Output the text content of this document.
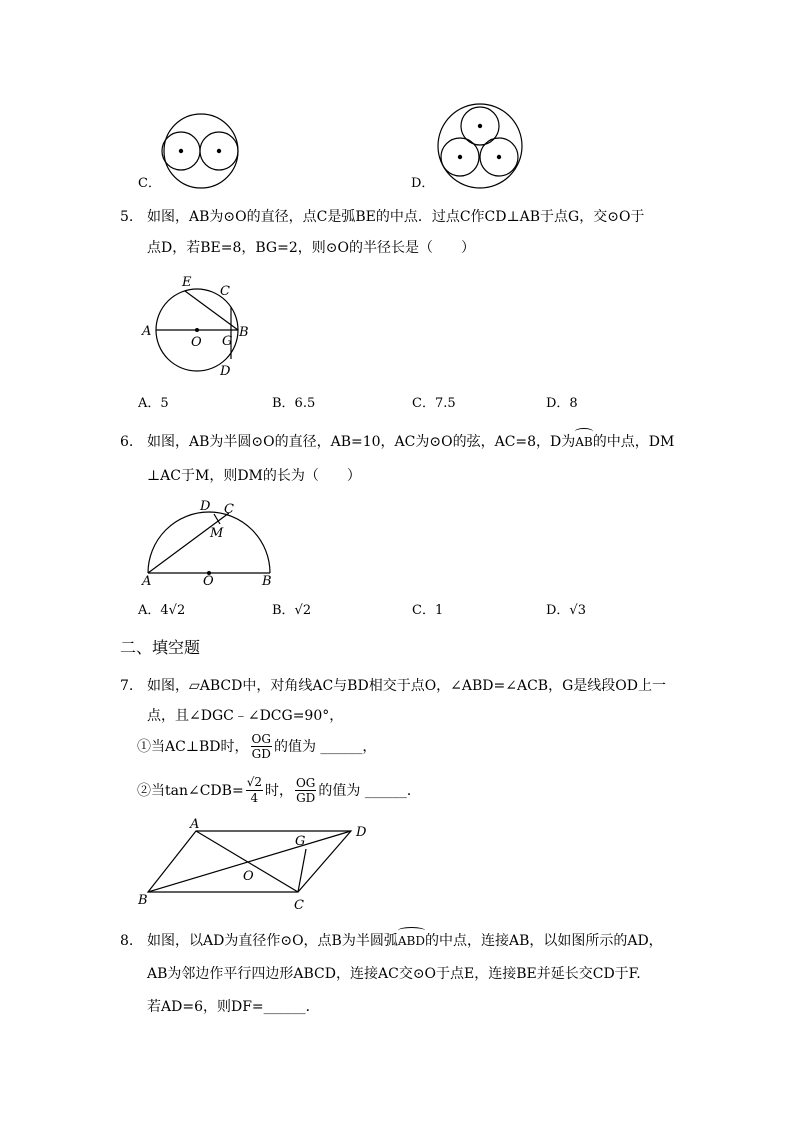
C．	D．
5. 如图，AB为⊙O的直径，点C是弧BE的中点．过点C作CD⊥AB于点G，交⊙O于
点D，若BE=8，BG=2，则⊙O的半径长是（　　）
A	B
C
D
E
O G
A．5	B．6.5	C．7.5	D．8
6. 如图，AB为半圆⊙O的直径，AB=10，AC为⊙O的弦，AC=8，D为
AB的中点，DM
⊥AC于M，则DM的长为（　　）
A	B
C
D
M
O
A．4√2	B．√2	C．1	D．√3
二、填空题
7. 如图，▱ABCD中，对角线AC与BD相交于点O，∠ABD=∠ACB，G是线段OD上一
点，且∠DGC﹣∠DCG=90°，
①当AC⊥BD时， $\frac{OG}{GD}$ 的值为 ______，
②当tan∠CDB= $\frac{√2}{4}$ 时， $\frac{OG}{GD}$ 的值为 ______．
A
D
B	C
O
G
8. 如图，以AD为直径作⊙O，点B为半圆弧
ABD的中点，连接AB，以如图所示的AD，
AB为邻边作平行四边形ABCD，连接AC交⊙O于点E，连接BE并延长交CD于F.
若AD=6，则DF=______．
